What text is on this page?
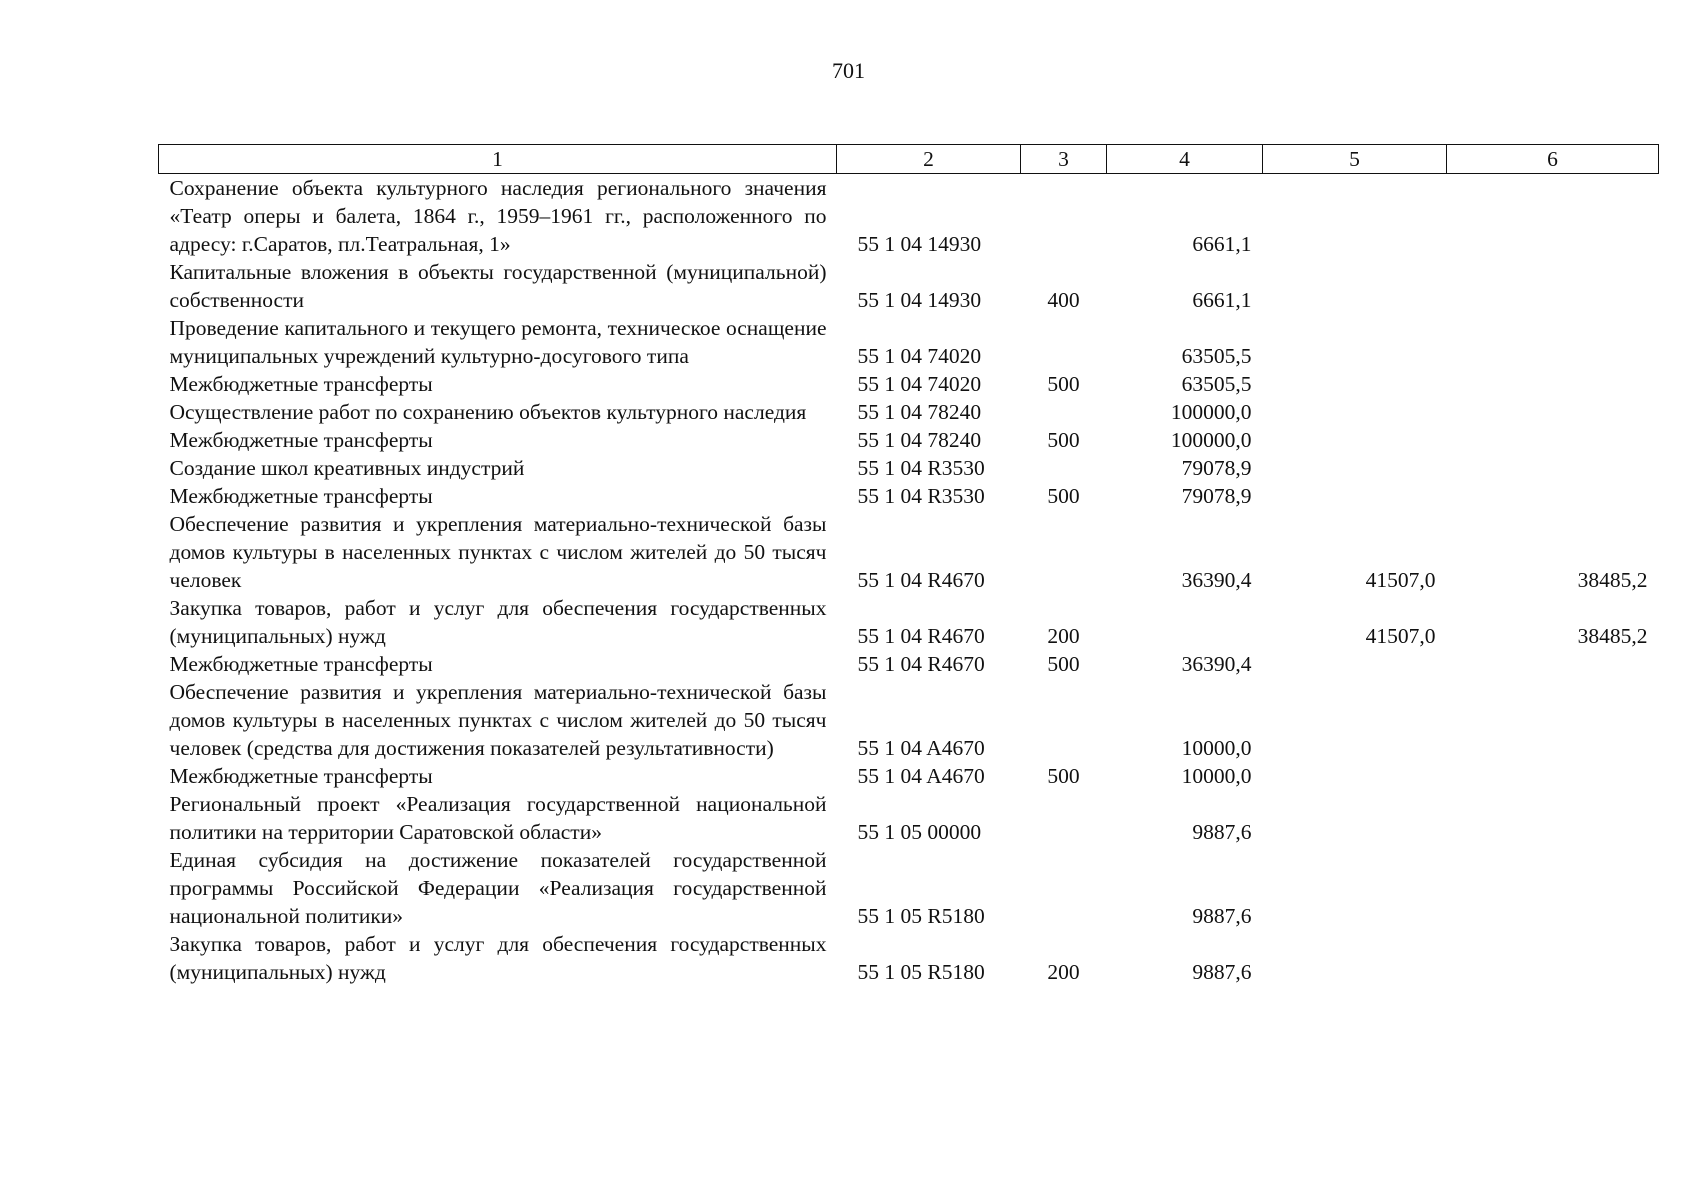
701
1	2	3	4	5	6
Сохранение объекта культурного наследия регионального значения «Театр оперы и балета, 1864 г., 1959–1961 гг., расположенного по адресу: г.Саратов, пл.Театральная, 1»	55 1 04 14930		6661,1		
Капитальные вложения в объекты государственной (муниципальной) собственности	55 1 04 14930	400	6661,1		
Проведение капитального и текущего ремонта, техническое оснащение муниципальных учреждений культурно-досугового типа	55 1 04 74020		63505,5		
Межбюджетные трансферты	55 1 04 74020	500	63505,5		
Осуществление работ по сохранению объектов культурного наследия	55 1 04 78240		100000,0		
Межбюджетные трансферты	55 1 04 78240	500	100000,0		
Создание школ креативных индустрий	55 1 04 R3530		79078,9		
Межбюджетные трансферты	55 1 04 R3530	500	79078,9		
Обеспечение развития и укрепления материально-технической базы домов культуры в населенных пунктах с числом жителей до 50 тысяч человек	55 1 04 R4670		36390,4	41507,0	38485,2
Закупка товаров, работ и услуг для обеспечения государственных (муниципальных) нужд	55 1 04 R4670	200		41507,0	38485,2
Межбюджетные трансферты	55 1 04 R4670	500	36390,4		
Обеспечение развития и укрепления материально-технической базы домов культуры в населенных пунктах с числом жителей до 50 тысяч человек (средства для достижения показателей результативности)	55 1 04 A4670		10000,0		
Межбюджетные трансферты	55 1 04 A4670	500	10000,0		
Региональный проект «Реализация государственной национальной политики на территории Саратовской области»	55 1 05 00000		9887,6		
Единая субсидия на достижение показателей государственной программы Российской Федерации «Реализация государственной национальной политики»	55 1 05 R5180		9887,6		
Закупка товаров, работ и услуг для обеспечения государственных (муниципальных) нужд	55 1 05 R5180	200	9887,6		
